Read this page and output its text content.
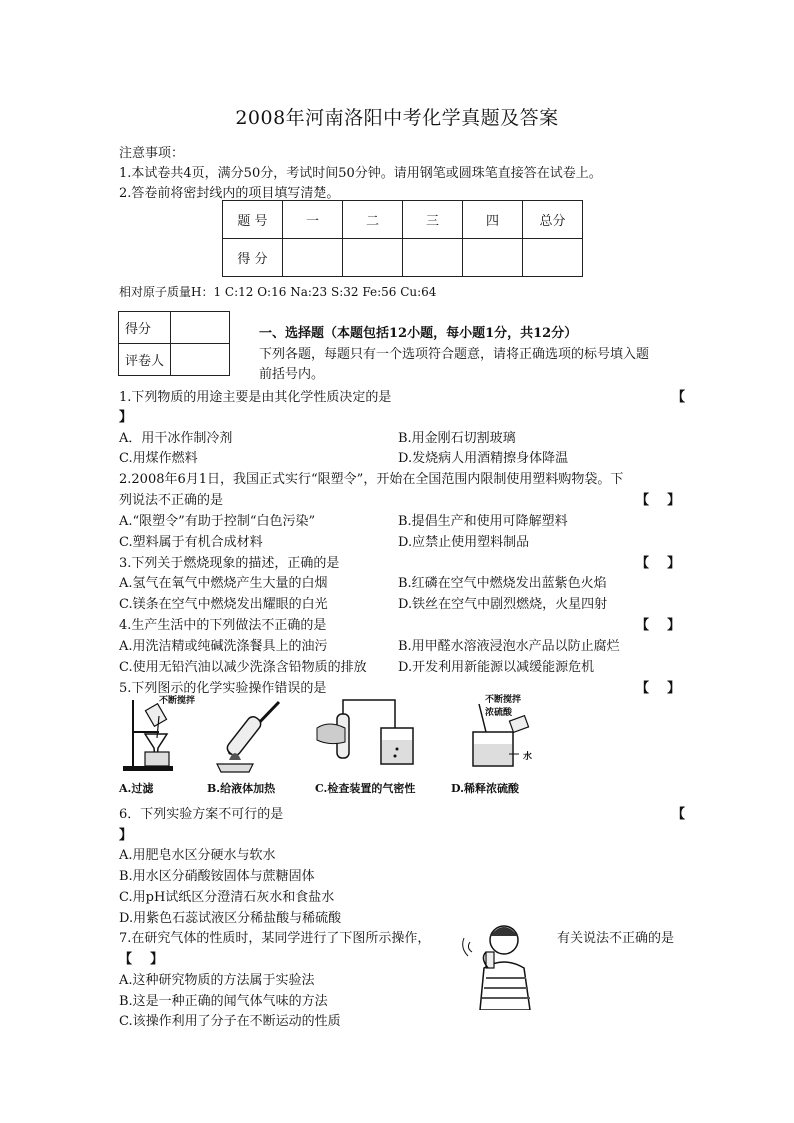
2008年河南洛阳中考化学真题及答案
注意事项：
1.本试卷共4页，满分50分，考试时间50分钟。请用钢笔或圆珠笔直接答在试卷上。
2.答卷前将密封线内的项目填写清楚。
题 号	一	二	三	四	总分
得 分					
相对原子质量H：1 C:12 O:16 Na:23 S:32 Fe:56 Cu:64
得分	
评卷人	
一、选择题（本题包括12小题，每小题1分，共12分）
下列各题，每题只有一个选项符合题意，请将正确选项的标号填入题
前括号内。
1.下列物质的用途主要是由其化学性质决定的是	【
】
A．用干冰作制冷剂	B.用金刚石切割玻璃
C.用煤作燃料	D.发烧病人用酒精擦身体降温
2.2008年6月1日，我国正式实行“限塑令”，开始在全国范围内限制使用塑料购物袋。下
列说法不正确的是	【    】
A.“限塑令”有助于控制“白色污染”	B.提倡生产和使用可降解塑料
C.塑料属于有机合成材料	D.应禁止使用塑料制品
3.下列关于燃烧现象的描述，正确的是	【    】
A.氢气在氧气中燃烧产生大量的白烟	B.红磷在空气中燃烧发出蓝紫色火焰
C.镁条在空气中燃烧发出耀眼的白光	D.铁丝在空气中剧烈燃烧，火星四射
4.生产生活中的下列做法不正确的是	【    】
A.用洗洁精或纯碱洗涤餐具上的油污	B.用甲醛水溶液浸泡水产品以防止腐烂
C.使用无铅汽油以减少洗涤含铅物质的排放 D.开发利用新能源以减缓能源危机
5.下列图示的化学实验操作错误的是	【    】
不断搅拌	不断搅拌
浓硫酸
水
A.过滤	B.给液体加热	C.检查装置的气密性	D.稀释浓硫酸
6．下列实验方案不可行的是	【
】
A.用肥皂水区分硬水与软水
B.用水区分硝酸铵固体与蔗糖固体
C.用pH试纸区分澄清石灰水和食盐水
D.用紫色石蕊试液区分稀盐酸与稀硫酸
7.在研究气体的性质时，某同学进行了下图所示操作，	有关说法不正确的是
【    】
A.这种研究物质的方法属于实验法
B.这是一种正确的闻气体气味的方法
C.该操作利用了分子在不断运动的性质
